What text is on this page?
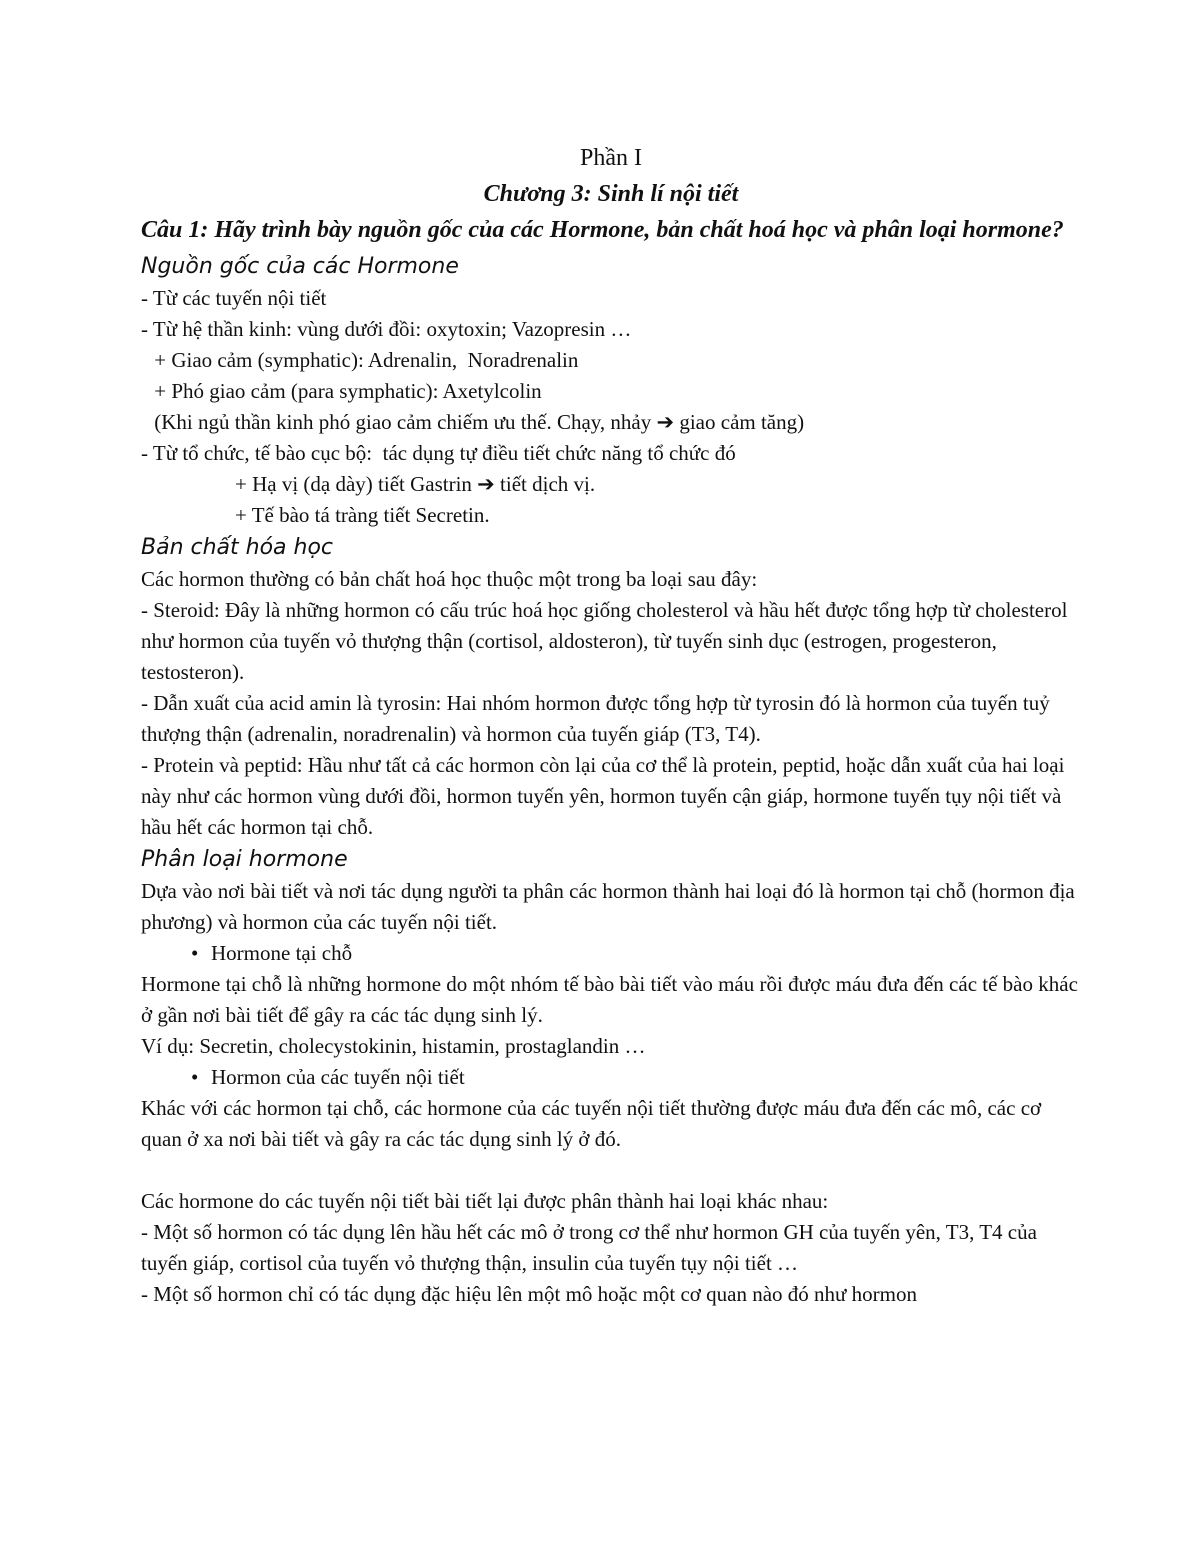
Phần I
Chương 3: Sinh lí nội tiết
Câu 1: Hãy trình bày nguồn gốc của các Hormone, bản chất hoá học và phân loại hormone?
Nguồn gốc của các Hormone
- Từ các tuyến nội tiết
- Từ hệ thần kinh: vùng dưới đồi: oxytoxin; Vazopresin …
+ Giao cảm (symphatic): Adrenalin,  Noradrenalin
+ Phó giao cảm (para symphatic): Axetylcolin
(Khi ngủ thần kinh phó giao cảm chiếm ưu thế. Chạy, nhảy ➔ giao cảm tăng)
- Từ tổ chức, tế bào cục bộ:  tác dụng tự điều tiết chức năng tổ chức đó
+ Hạ vị (dạ dày) tiết Gastrin ➔ tiết dịch vị.
+ Tế bào tá tràng tiết Secretin.
Bản chất hóa học
Các hormon thường có bản chất hoá học thuộc một trong ba loại sau đây:
- Steroid: Đây là những hormon có cấu trúc hoá học giống cholesterol và hầu hết được tổng hợp từ cholesterol như hormon của tuyến vỏ thượng thận (cortisol, aldosteron), từ tuyến sinh dục (estrogen, progesteron, testosteron).
- Dẫn xuất của acid amin là tyrosin: Hai nhóm hormon được tổng hợp từ tyrosin đó là hormon của tuyến tuỷ thượng thận (adrenalin, noradrenalin) và hormon của tuyến giáp (T3, T4).
- Protein và peptid: Hầu như tất cả các hormon còn lại của cơ thể là protein, peptid, hoặc dẫn xuất của hai loại này như các hormon vùng dưới đồi, hormon tuyến yên, hormon tuyến cận giáp, hormone tuyến tụy nội tiết và hầu hết các hormon tại chỗ.
Phân loại hormone
Dựa vào nơi bài tiết và nơi tác dụng người ta phân các hormon thành hai loại đó là hormon tại chỗ (hormon địa phương) và hormon của các tuyến nội tiết.
• Hormone tại chỗ
Hormone tại chỗ là những hormone do một nhóm tế bào bài tiết vào máu rồi được máu đưa đến các tế bào khác ở gần nơi bài tiết để gây ra các tác dụng sinh lý.
Ví dụ: Secretin, cholecystokinin, histamin, prostaglandin …
• Hormon của các tuyến nội tiết
Khác với các hormon tại chỗ, các hormone của các tuyến nội tiết thường được máu đưa đến các mô, các cơ quan ở xa nơi bài tiết và gây ra các tác dụng sinh lý ở đó.
Các hormone do các tuyến nội tiết bài tiết lại được phân thành hai loại khác nhau:
- Một số hormon có tác dụng lên hầu hết các mô ở trong cơ thể như hormon GH của tuyến yên, T3, T4 của tuyến giáp, cortisol của tuyến vỏ thượng thận, insulin của tuyến tụy nội tiết …
- Một số hormon chỉ có tác dụng đặc hiệu lên một mô hoặc một cơ quan nào đó như hormon
